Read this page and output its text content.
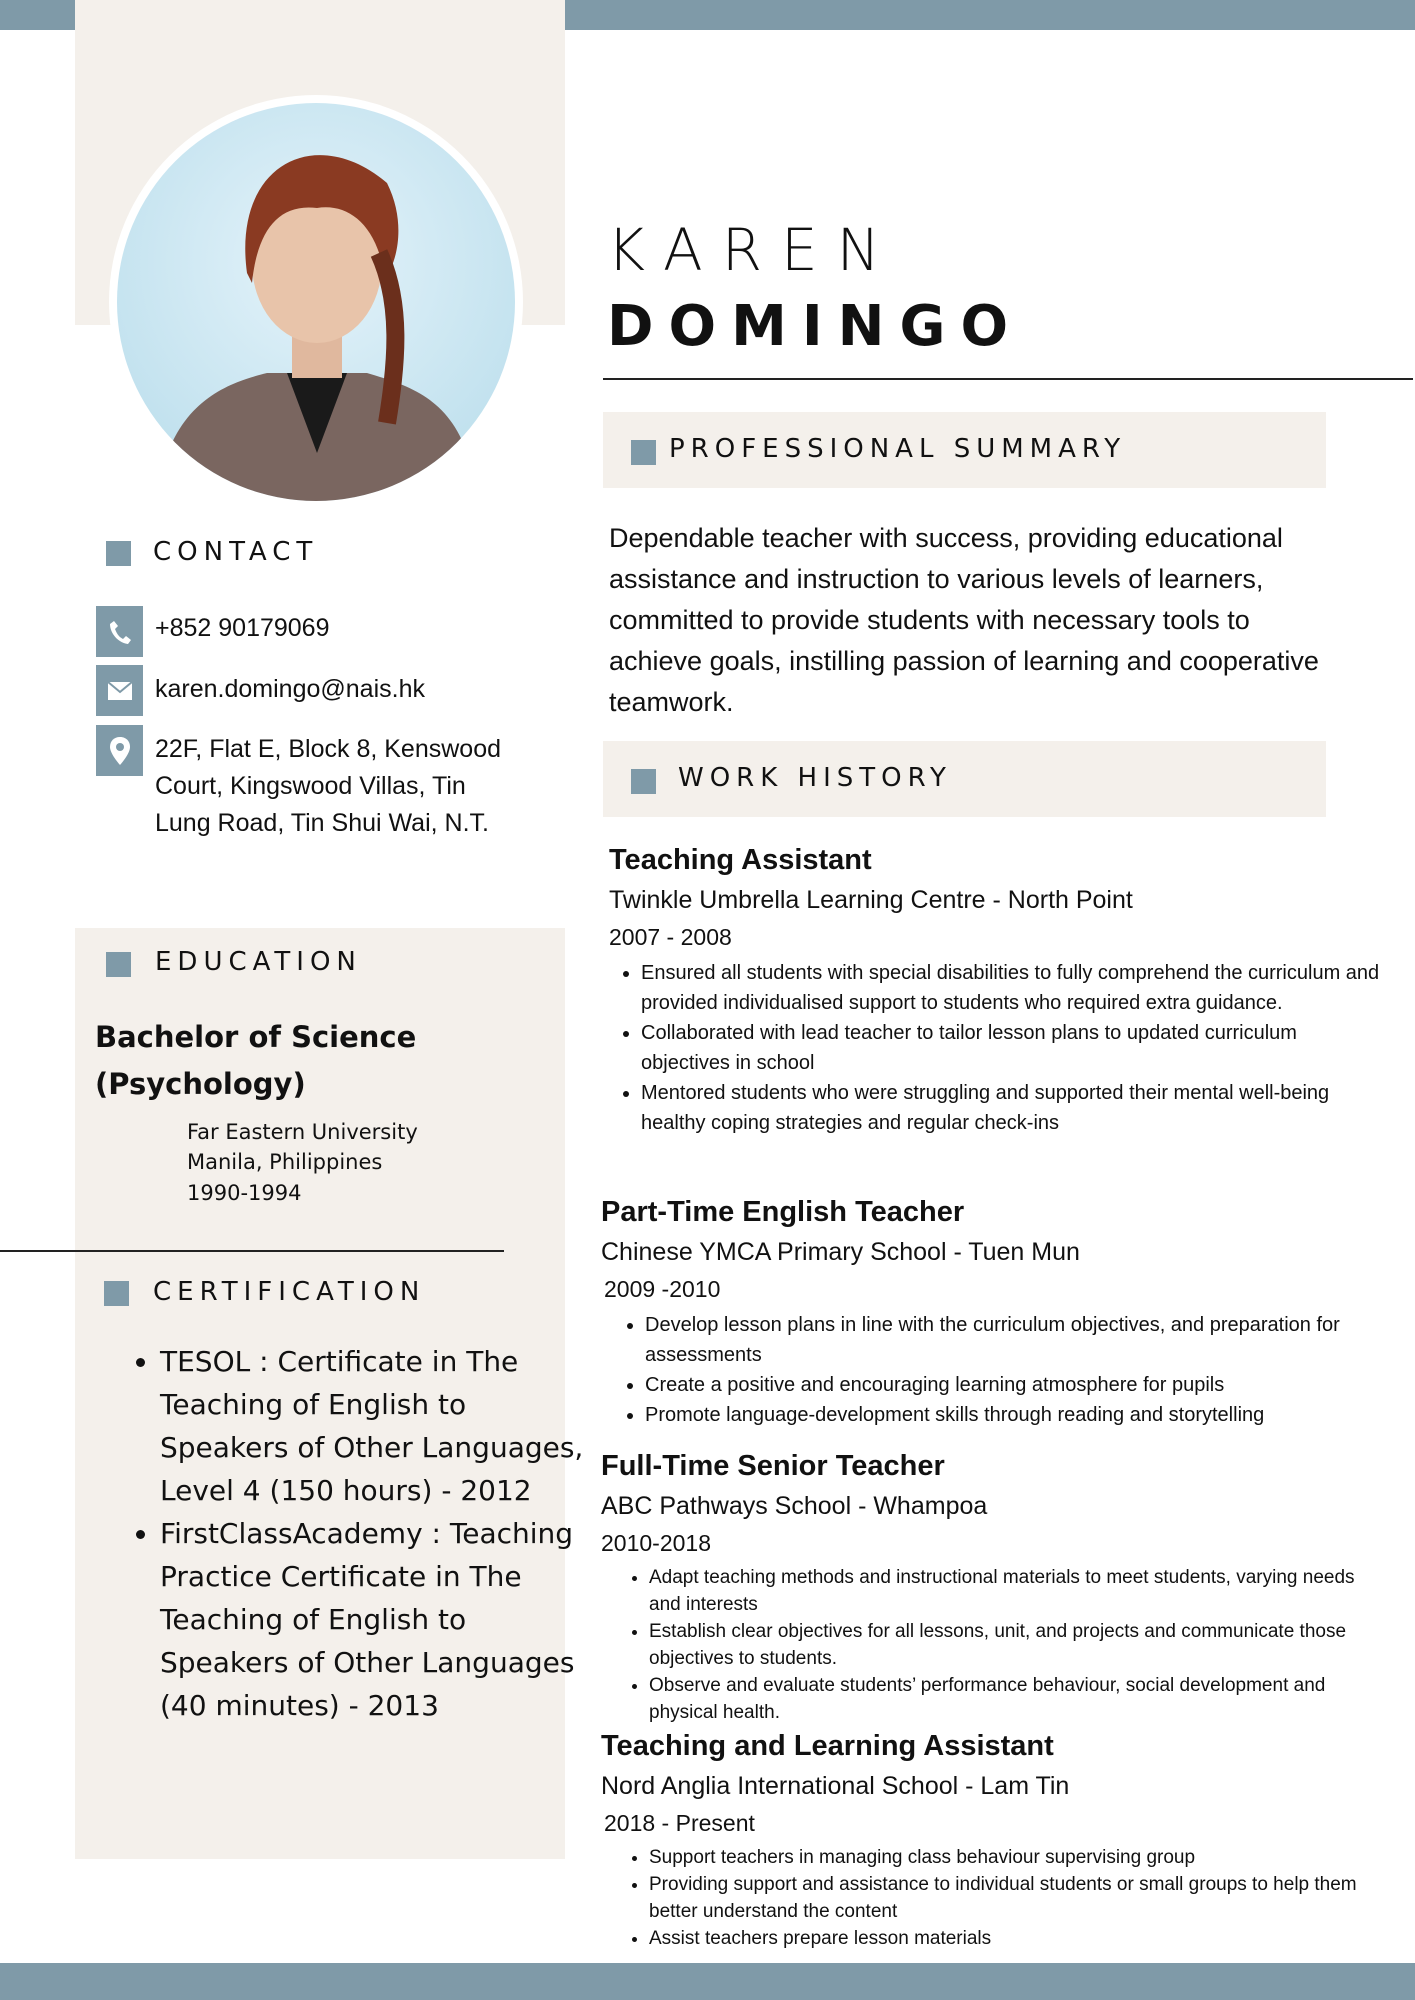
KAREN
DOMINGO
PROFESSIONAL SUMMARY
Dependable teacher with success, providing educational assistance and instruction to various levels of learners, committed to provide students with necessary tools to achieve goals, instilling passion of learning and cooperative teamwork.
WORK HISTORY
Teaching Assistant
Twinkle Umbrella Learning Centre - North Point
2007 - 2008
• Ensured all students with special disabilities to fully comprehend the curriculum and provided individualised support to students who required extra guidance.
• Collaborated with lead teacher to tailor lesson plans to updated curriculum objectives in school
• Mentored students who were struggling and supported their mental well-being healthy coping strategies and regular check-ins
Part-Time English Teacher
Chinese YMCA Primary School - Tuen Mun
2009 -2010
• Develop lesson plans in line with the curriculum objectives, and preparation for assessments
• Create a positive and encouraging learning atmosphere for pupils
• Promote language-development skills through reading and storytelling
Full-Time Senior Teacher
ABC Pathways School - Whampoa
2010-2018
• Adapt teaching methods and instructional materials to meet students, varying needs and interests
• Establish clear objectives for all lessons, unit, and projects and communicate those objectives to students.
• Observe and evaluate students’ performance behaviour, social development and physical health.
Teaching and Learning Assistant
Nord Anglia International School - Lam Tin
2018 - Present
• Support teachers in managing class behaviour supervising group
• Providing support and assistance to individual students or small groups to help them better understand the content
• Assist teachers prepare lesson materials
CONTACT
+852 90179069
karen.domingo@nais.hk
22F, Flat E, Block 8, Kenswood Court, Kingswood Villas, Tin Lung Road, Tin Shui Wai, N.T.
EDUCATION
Bachelor of Science (Psychology)
Far Eastern University
Manila, Philippines
1990-1994
CERTIFICATION
• TESOL : Certificate in The Teaching of English to Speakers of Other Languages, Level 4 (150 hours) - 2012
• FirstClassAcademy : Teaching Practice Certificate in The Teaching of English to Speakers of Other Languages (40 minutes) - 2013
